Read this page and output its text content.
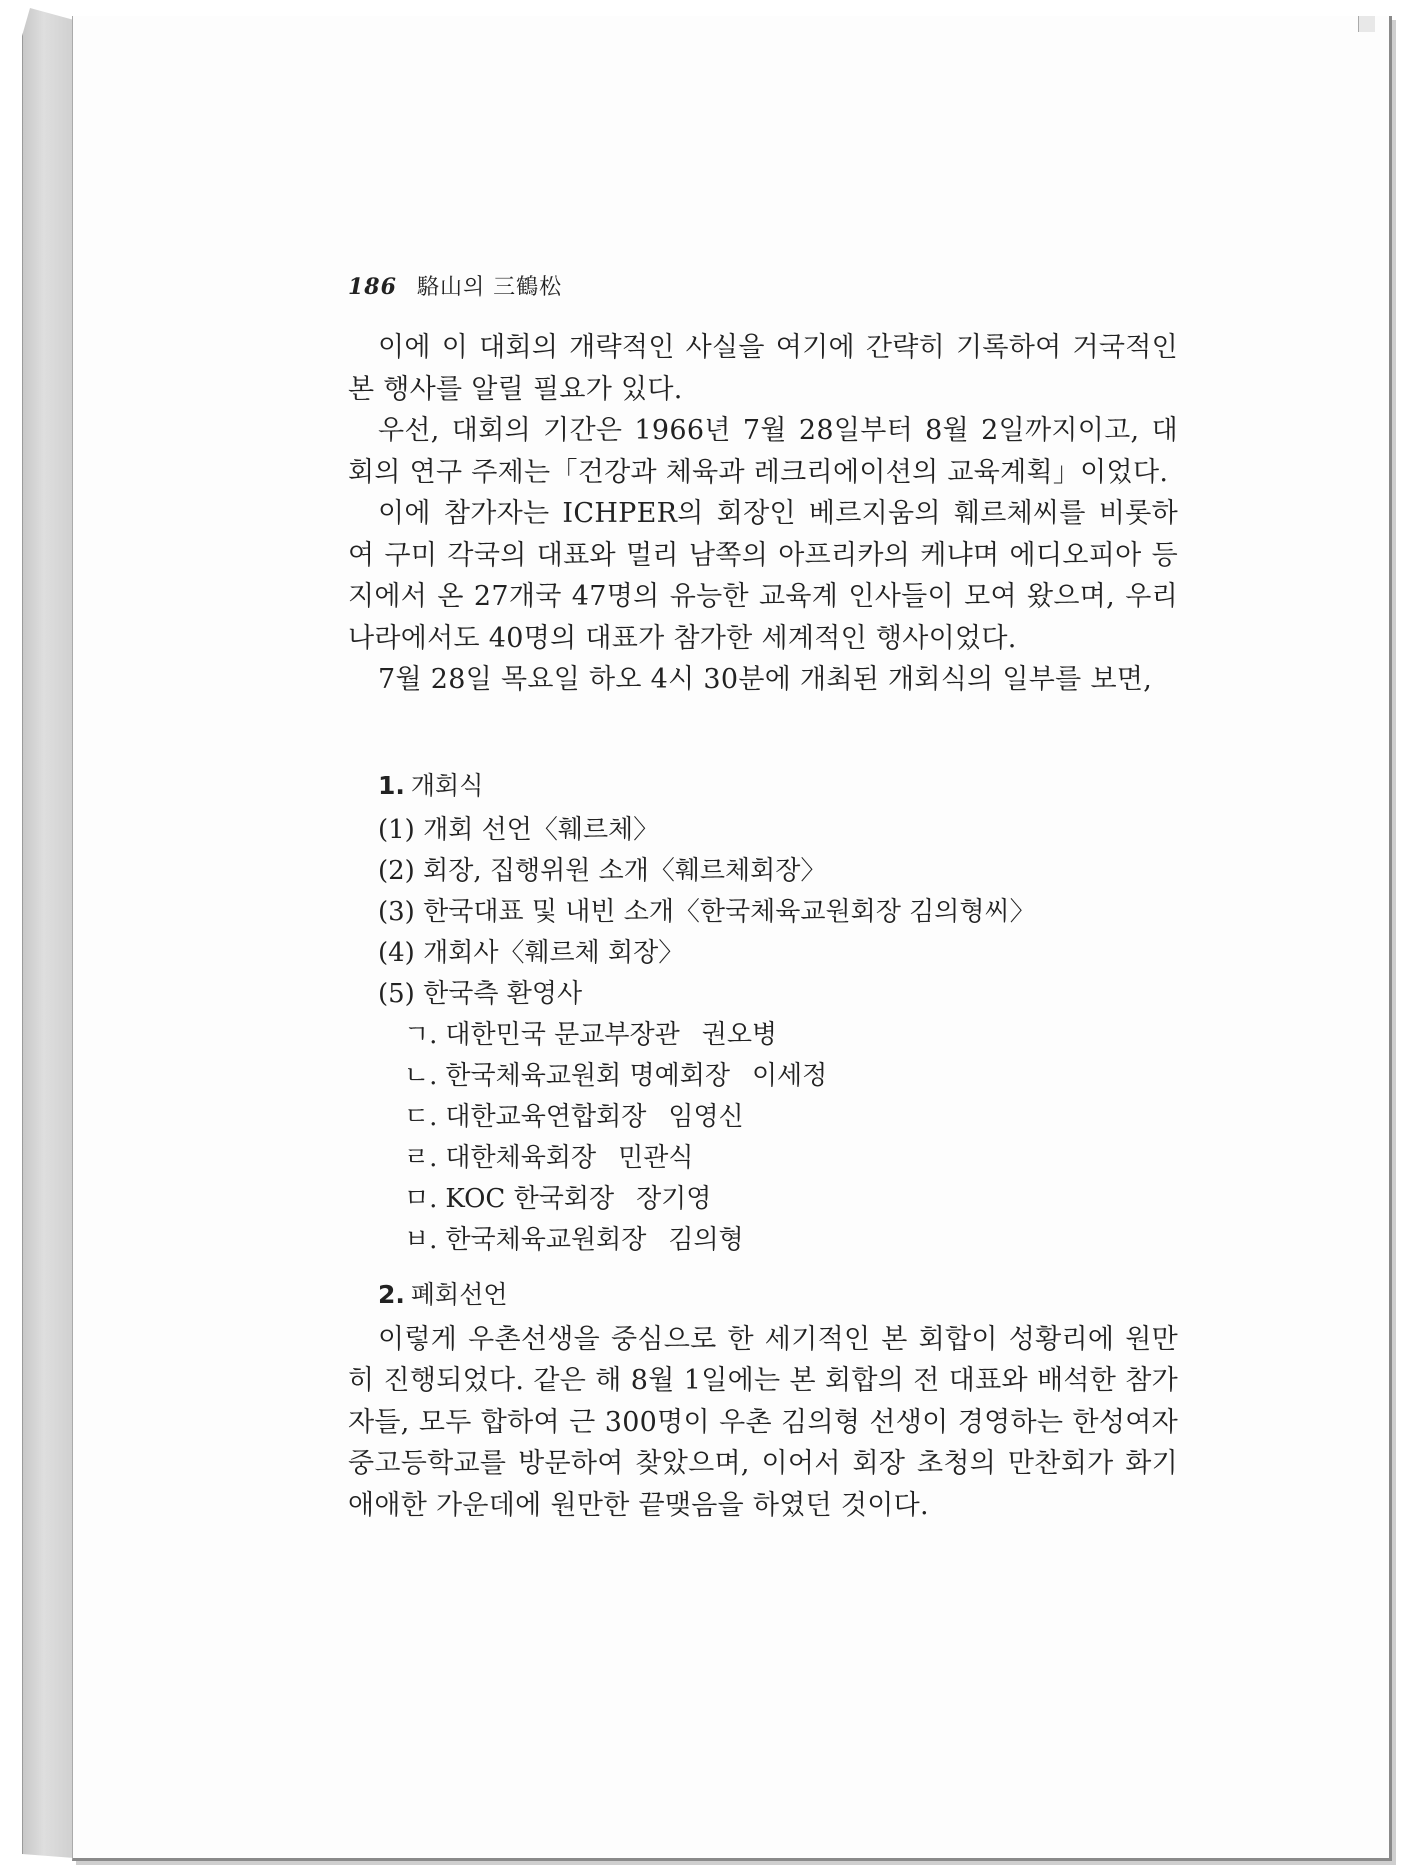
186 駱山의 三鶴松

이에 이 대회의 개략적인 사실을 여기에 간략히 기록하여 거국적인 본 행사를 알릴 필요가 있다.

우선, 대회의 기간은 1966년 7월 28일부터 8월 2일까지이고, 대회의 연구 주제는「건강과 체육과 레크리에이션의 교육계획」이었다.

이에 참가자는 ICHPER의 회장인 베르지움의 훼르체씨를 비롯하여 구미 각국의 대표와 멀리 남쪽의 아프리카의 케냐며 에디오피아 등지에서 온 27개국 47명의 유능한 교육계 인사들이 모여 왔으며, 우리 나라에서도 40명의 대표가 참가한 세계적인 행사이었다.

7월 28일 목요일 하오 4시 30분에 개최된 개회식의 일부를 보면,

1. 개회식
(1) 개회 선언〈훼르체〉
(2) 회장, 집행위원 소개〈훼르체회장〉
(3) 한국대표 및 내빈 소개〈한국체육교원회장 김의형씨〉
(4) 개회사〈훼르체 회장〉
(5) 한국측 환영사
ㄱ. 대한민국 문교부장관 권오병
ㄴ. 한국체육교원회 명예회장 이세정
ㄷ. 대한교육연합회장 임영신
ㄹ. 대한체육회장 민관식
ㅁ. KOC 한국회장 장기영
ㅂ. 한국체육교원회장 김의형
2. 폐회선언

이렇게 우촌선생을 중심으로 한 세기적인 본 회합이 성황리에 원만히 진행되었다. 같은 해 8월 1일에는 본 회합의 전 대표와 배석한 참가자들, 모두 합하여 근 300명이 우촌 김의형 선생이 경영하는 한성여자중고등학교를 방문하여 찾았으며, 이어서 회장 초청의 만찬회가 화기애애한 가운데에 원만한 끝맺음을 하였던 것이다.
